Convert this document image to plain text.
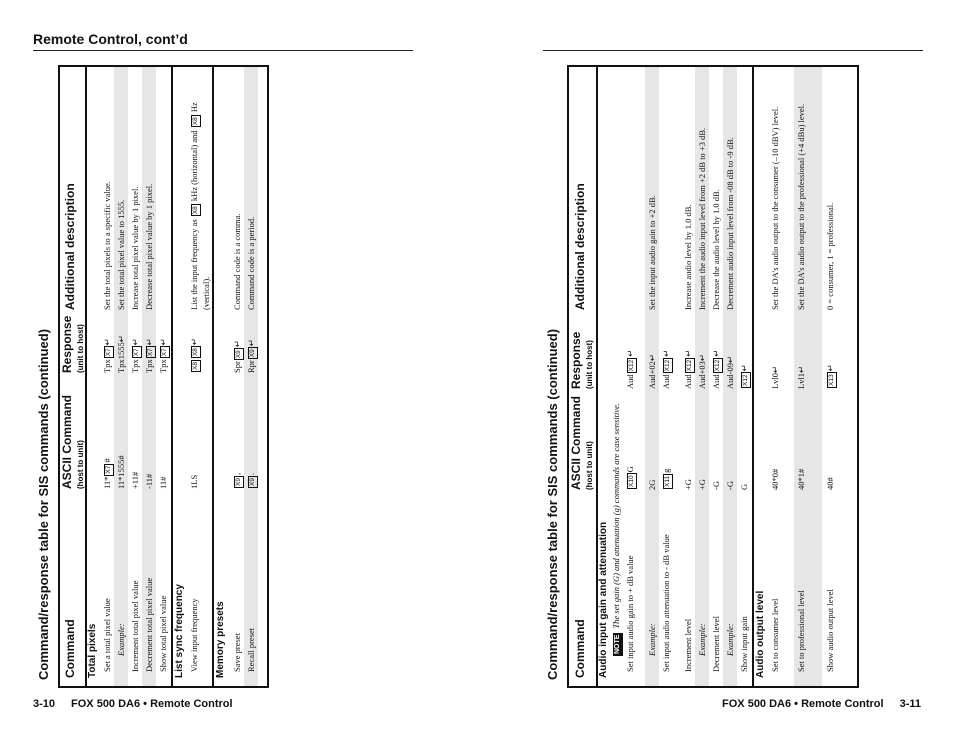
Remote Control, cont’d
Command/response table for SIS commands (continued)	Command/response table for SIS commands (continued)
Command
ASCII Command (host to unit)
Response (unit to host)
Additional description
Total pixels Set a total pixel value
11*X7#
TpxX7↵
Set the total pixels to a specific value.
Example:
11*1555#
Tpx1555↵
Set the total pixel value to 1555.
Increment total pixel value
+11#
TpxX7↵
Increase total pixel value by 1 pixel.
Decrement total pixel value
-11#
TpxX7↵
Decrease total pixel value by 1 pixel.
Show total pixel value
11#
TpxX7↵
List sync frequency View input frequency
1LS
X8X8↵
List the input frequency as X8 kHz (horizontal) and X8 Hz (vertical).
Memory presets Save preset
X9,
SprX9↵
Command code is a comma.
Recall preset
X9.
RprX9↵
Command code is a period.
Command
ASCII Command (host to unit)
Response (unit to host)
Additional description
Audio input gain and attenuation NOTEThe set gain (G) and attenuation (g) commands are case sensitive. Set input audio gain to + dB value
X10G
AudX12↵
Example:
2G
Aud+02↵
Set the input audio gain to +2 dB.
Set input audio attenuation to - dB value
X11g
AudX12↵
Increment level
+G
AudX12↵
Increase audio level by 1.0 dB.
Example:
+G
Aud+03↵
Increment the audio input level from +2 dB to +3 dB.
Decrement level
-G
AudX12↵
Decrease the audio level by 1.0 dB.
Example:
-G
Aud-09↵
Decrement audio input level from -08 dB to -9 dB.
Show input gain
G
X12↵
Audio output level Set to consumer level
40*0#
Lvl0↵
Set the DA’s audio output to the consumer (–10 dBV) level.
Set to professional level
40*1#
Lvl1↵
Set the DA’s audio output to the professional (+4 dBu) level.
Show audio output level
40#
X13↵
0 = consumer, 1 = professional.
3-10 FOX 500 DA6 • Remote Control	FOX 500 DA6 • Remote Control 3-11
